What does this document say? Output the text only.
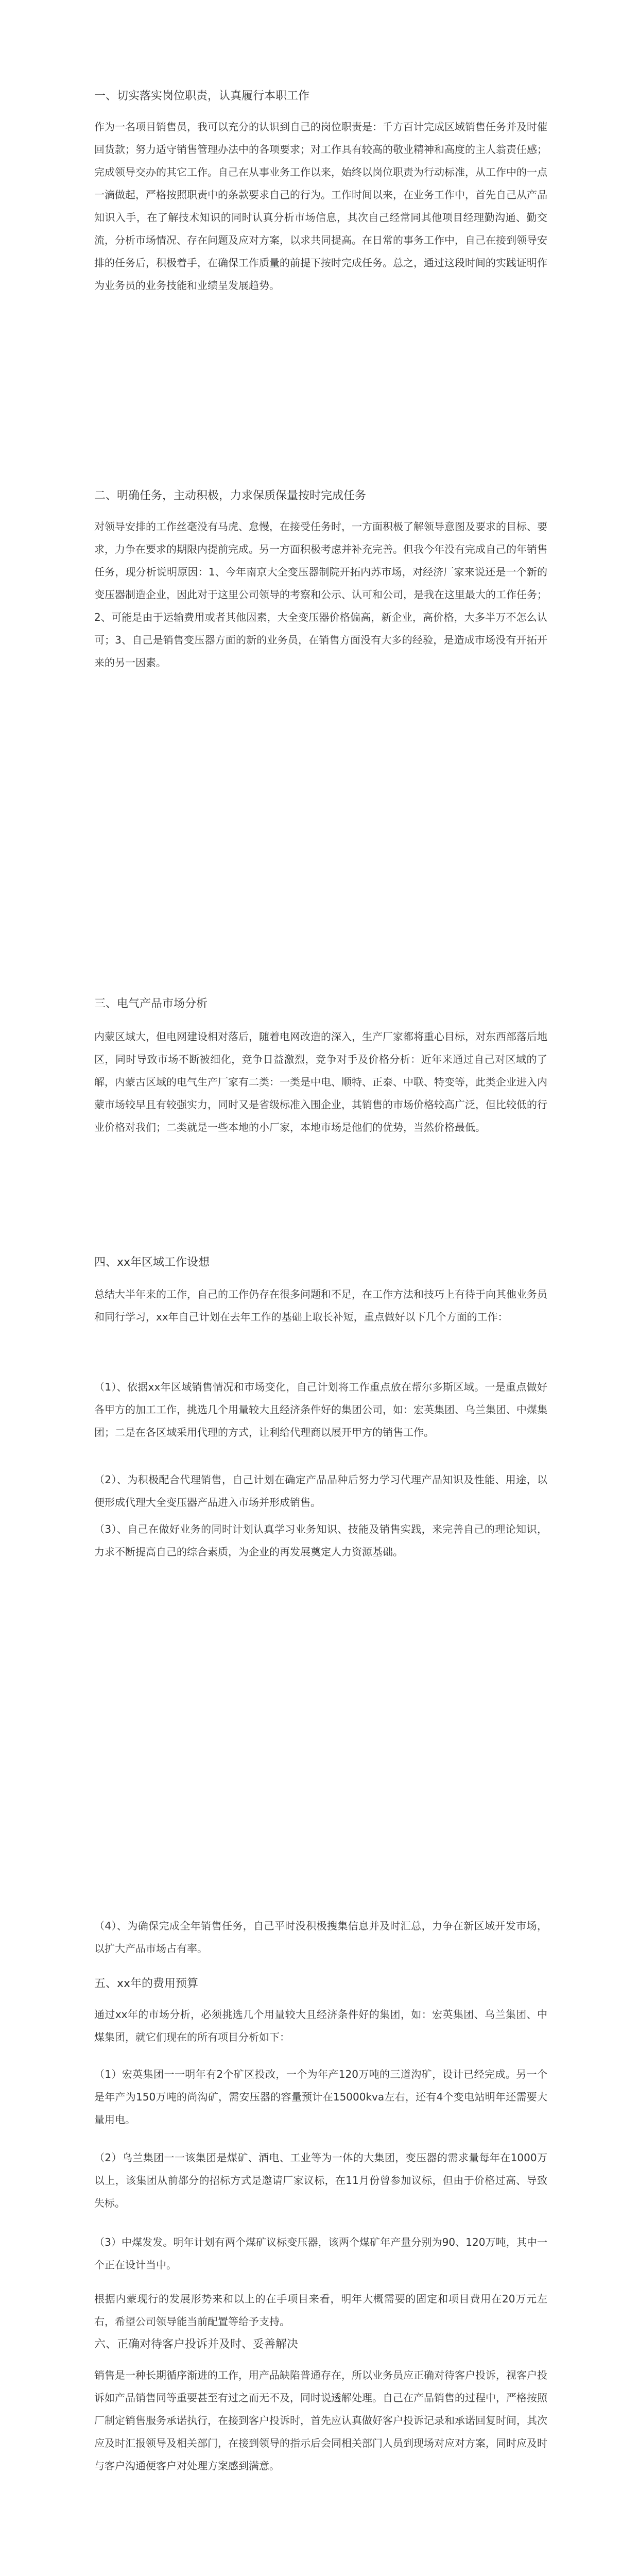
一、切实落实岗位职责，认真履行本职工作
作为一名项目销售员，我可以充分的认识到自己的岗位职责是：千方百计完成区域销售任务并及时催回货款；努力适守销售管理办法中的各项要求；对工作具有较高的敬业精神和高度的主人翁责任感；完成领导交办的其它工作。自己在从事业务工作以来，始终以岗位职责为行动标准，从工作中的一点一滴做起，严格按照职责中的条款要求自己的行为。工作时间以来，在业务工作中，首先自己从产品知识入手，在了解技术知识的同时认真分析市场信息，其次自己经常同其他项目经理勤沟通、勤交流，分析市场情况、存在问题及应对方案，以求共同提高。在日常的事务工作中，自己在接到领导安排的任务后，积极着手，在确保工作质量的前提下按时完成任务。总之，通过这段时间的实践证明作为业务员的业务技能和业绩呈发展趋势。
二、明确任务，主动积极，力求保质保量按时完成任务
对领导安排的工作丝毫没有马虎、怠慢，在接受任务时，一方面积极了解领导意图及要求的目标、要求，力争在要求的期限内提前完成。另一方面积极考虑并补充完善。但我今年没有完成自己的年销售任务，现分析说明原因：1、今年南京大全变压器制院开拓内苏市场，对经济厂家来说还是一个新的变压器制造企业，因此对于这里公司领导的考察和公示、认可和公司，是我在这里最大的工作任务；2、可能是由于运输费用或者其他因素，大全变压器价格偏高，新企业，高价格，大多半万不怎么认可；3、自己是销售变压器方面的新的业务员，在销售方面没有大多的经验，是造成市场没有开拓开来的另一因素。
三、电气产品市场分析
内蒙区域大，但电网建设相对落后，随着电网改造的深入，生产厂家都将重心目标，对东西部落后地区，同时导致市场不断被细化，竞争日益激烈，竞争对手及价格分析：近年来通过自己对区域的了解，内蒙古区域的电气生产厂家有二类：一类是中电、顺特、正泰、中联、特变等，此类企业进入内蒙市场较早且有较强实力，同时又是省级标准入围企业，其销售的市场价格较高广泛，但比较低的行业价格对我们；二类就是一些本地的小厂家，本地市场是他们的优势，当然价格最低。
四、xx年区域工作设想
总结大半年来的工作，自己的工作仍存在很多问题和不足，在工作方法和技巧上有待于向其他业务员和同行学习，xx年自己计划在去年工作的基础上取长补短，重点做好以下几个方面的工作：
（1）、依据xx年区域销售情况和市场变化，自己计划将工作重点放在帮尔多斯区域。一是重点做好各甲方的加工工作，挑选几个用量较大且经济条件好的集团公司，如：宏英集团、乌兰集团、中煤集团；二是在各区域采用代理的方式，让利给代理商以展开甲方的销售工作。
（2）、为积极配合代理销售，自己计划在确定产品品种后努力学习代理产品知识及性能、用途，以便形成代理大全变压器产品进入市场并形成销售。
（3）、自己在做好业务的同时计划认真学习业务知识、技能及销售实践，来完善自己的理论知识，力求不断提高自己的综合素质，为企业的再发展奠定人力资源基础。
（4）、为确保完成全年销售任务，自己平时没积极搜集信息并及时汇总，力争在新区域开发市场，以扩大产品市场占有率。
五、xx年的费用预算
通过xx年的市场分析，必须挑选几个用量较大且经济条件好的集团，如：宏英集团、乌兰集团、中煤集团，就它们现在的所有项目分析如下：
（1）宏英集团一一明年有2个矿区投改，一个为年产120万吨的三道沟矿，设计已经完成。另一个是年产为150万吨的尚沟矿，需安压器的容量预计在15000kva左右，还有4个变电站明年还需要大量用电。
（2）乌兰集团一一该集团是煤矿、酒电、工业等为一体的大集团，变压器的需求量每年在1000万以上，该集团从前都分的招标方式是邀请厂家议标，在11月份曾参加议标，但由于价格过高、导致失标。
（3）中煤发发。明年计划有两个煤矿议标变压器，该两个煤矿年产量分别为90、120万吨，其中一个正在设计当中。
根据内蒙现行的发展形势来和以上的在手项目来看，明年大概需要的固定和项目费用在20万元左右，希望公司领导能当前配置等给予支持。
六、正确对待客户投诉并及时、妥善解决
销售是一种长期循序渐进的工作，用产品缺陷普通存在，所以业务员应正确对待客户投诉，视客户投诉如产品销售同等重要甚至有过之而无不及，同时说透解处理。自己在产品销售的过程中，严格按照厂制定销售服务承诺执行，在接到客户投诉时，首先应认真做好客户投诉记录和承诺回复时间，其次应及时汇报领导及相关部门，在接到领导的指示后会同相关部门人员到现场对应对方案，同时应及时与客户沟通便客户对处理方案感到满意。
